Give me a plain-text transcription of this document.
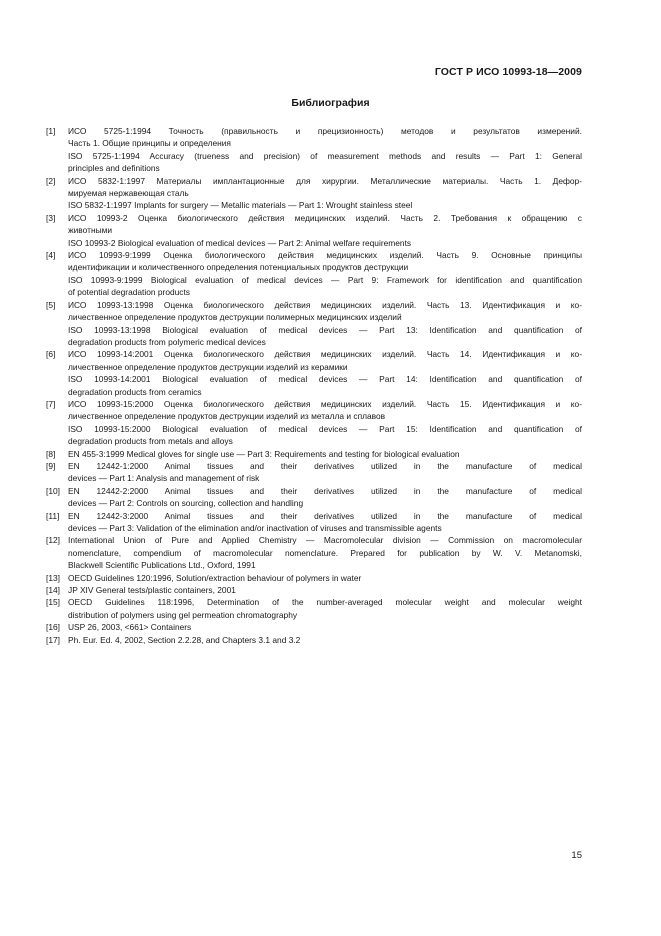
ГОСТ Р ИСО 10993-18—2009
Библиография
[1]	ИСО 5725-1:1994 Точность (правильность и прецизионность) методов и результатов измерений.
Часть 1. Общие принципы и определения
ISO 5725-1:1994 Accuracy (trueness and precision) of measurement methods and results — Part 1: General
principles and definitions
[2]	ИСО 5832-1:1997 Материалы имплантационные для хирургии. Металлические материалы. Часть 1. Дефор-
мируемая нержавеющая сталь
ISO 5832-1:1997 Implants for surgery — Metallic materials — Part 1: Wrought stainless steel
[3]	ИСО 10993-2 Оценка биологического действия медицинских изделий. Часть 2. Требования к обращению с
животными
ISO 10993-2 Biological evaluation of medical devices — Part 2: Animal welfare requirements
[4]	ИСО 10993-9:1999 Оценка биологического действия медицинских изделий. Часть 9. Основные принципы
идентификации и количественного определения потенциальных продуктов деструкции
ISO 10993-9:1999 Biological evaluation of medical devices — Part 9: Framework for identification and quantification
of potential degradation products
[5]	ИСО 10993-13:1998 Оценка биологического действия медицинских изделий. Часть 13. Идентификация и ко-
личественное определение продуктов деструкции полимерных медицинских изделий
ISO 10993-13:1998 Biological evaluation of medical devices — Part 13: Identification and quantification of
degradation products from polymeric medical devices
[6]	ИСО 10993-14:2001 Оценка биологического действия медицинских изделий. Часть 14. Идентификация и ко-
личественное определение продуктов деструкции изделий из керамики
ISO 10993-14:2001 Biological evaluation of medical devices — Part 14: Identification and quantification of
degradation products from ceramics
[7]	ИСО 10993-15:2000 Оценка биологического действия медицинских изделий. Часть 15. Идентификация и ко-
личественное определение продуктов деструкции изделий из металла и сплавов
ISO 10993-15:2000 Biological evaluation of medical devices — Part 15: Identification and quantification of
degradation products from metals and alloys
[8]	EN 455-3:1999 Medical gloves for single use — Part 3: Requirements and testing for biological evaluation
[9]	EN 12442-1:2000 Animal tissues and their derivatives utilized in the manufacture of medical
devices — Part 1: Analysis and management of risk
[10] EN 12442-2:2000 Animal tissues and their derivatives utilized in the manufacture of medical
devices — Part 2: Controls on sourcing, collection and handling
[11]	EN 12442-3:2000 Animal tissues and their derivatives utilized in the manufacture of medical
devices — Part 3: Validation of the elimination and/or inactivation of viruses and transmissible agents
[12] International Union of Pure and Applied Chemistry — Macromolecular division — Commission on macromolecular
nomenclature, compendium of macromolecular nomenclature. Prepared for publication by W. V. Metanomski,
Blackwell Scientific Publications Ltd., Oxford, 1991
[13] OECD Guidelines 120:1996, Solution/extraction behaviour of polymers in water
[14] JP XIV General tests/plastic containers, 2001
[15] OECD Guidelines 118:1996, Determination of the number-averaged molecular weight and molecular weight
distribution of polymers using gel permeation chromatography
[16] USP 26, 2003, <661> Containers
[17] Ph. Eur. Ed. 4, 2002, Section 2.2.28, and Chapters 3.1 and 3.2
15
